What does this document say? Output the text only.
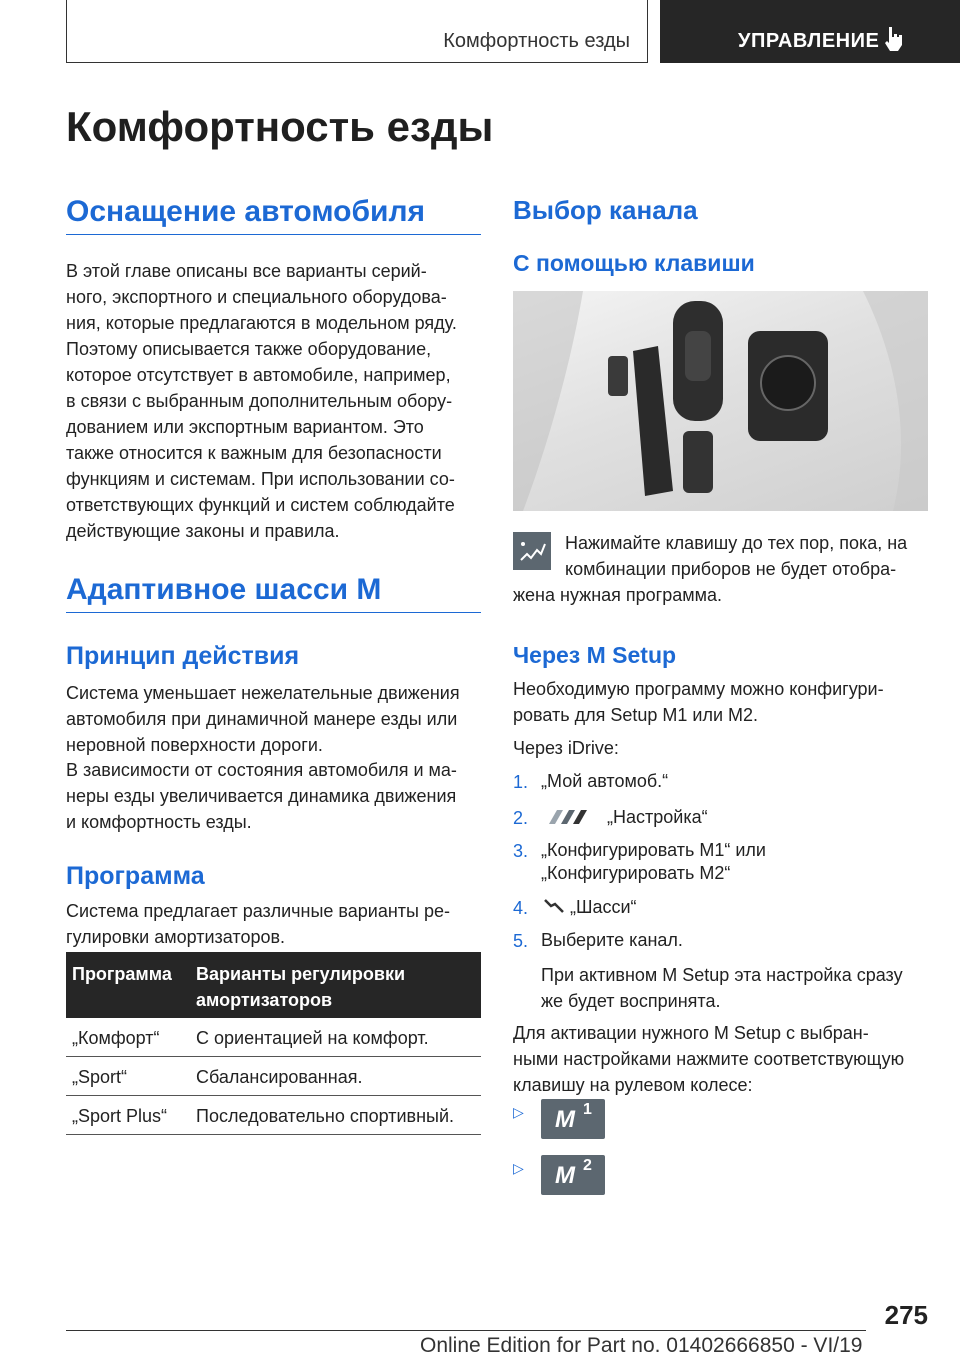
Комфортность езды	УПРАВЛЕНИЕ
Комфортность езды
Оснащение автомобиля
В этой главе описаны все варианты серий-
ного, экспортного и специального оборудова-
ния, которые предлагаются в модельном ряду.
Поэтому описывается также оборудование,
которое отсутствует в автомобиле, например,
в связи с выбранным дополнительным обору-
дованием или экспортным вариантом. Это
также относится к важным для безопасности
функциям и системам. При использовании со-
ответствующих функций и систем соблюдайте
действующие законы и правила.
Адаптивное шасси M
Принцип действия
Система уменьшает нежелательные движения
автомобиля при динамичной манере езды или
неровной поверхности дороги.
В зависимости от состояния автомобиля и ма-
неры езды увеличивается динамика движения
и комфортность езды.
Программа
Система предлагает различные варианты ре-
гулировки амортизаторов.
Программа Варианты регулировки
амортизаторов
„Комфорт“ С ориентацией на комфорт.
„Sport“	Сбалансированная.
„Sport Plus“ Последовательно спортивный.
Выбор канала
С помощью клавиши
Нажимайте клавишу до тех пор, пока, на
комбинации приборов не будет отобра-
жена нужная программа.
Через M Setup
Необходимую программу можно конфигури-
ровать для Setup M1 или M2.
Через iDrive:
1. „Мой автомоб.“
2.	„Настройка“
3. „Конфигурировать M1“ или
„Конфигурировать M2“
4. „Шасси“
5. Выберите канал.
При активном M Setup эта настройка сразу
же будет воспринята.
Для активации нужного M Setup с выбран-
ными настройками нажмите соответствующую
клавишу на рулевом колесе:
▷ M 1
▷ M 2
275
Online Edition for Part no. 01402666850 - VI/19
